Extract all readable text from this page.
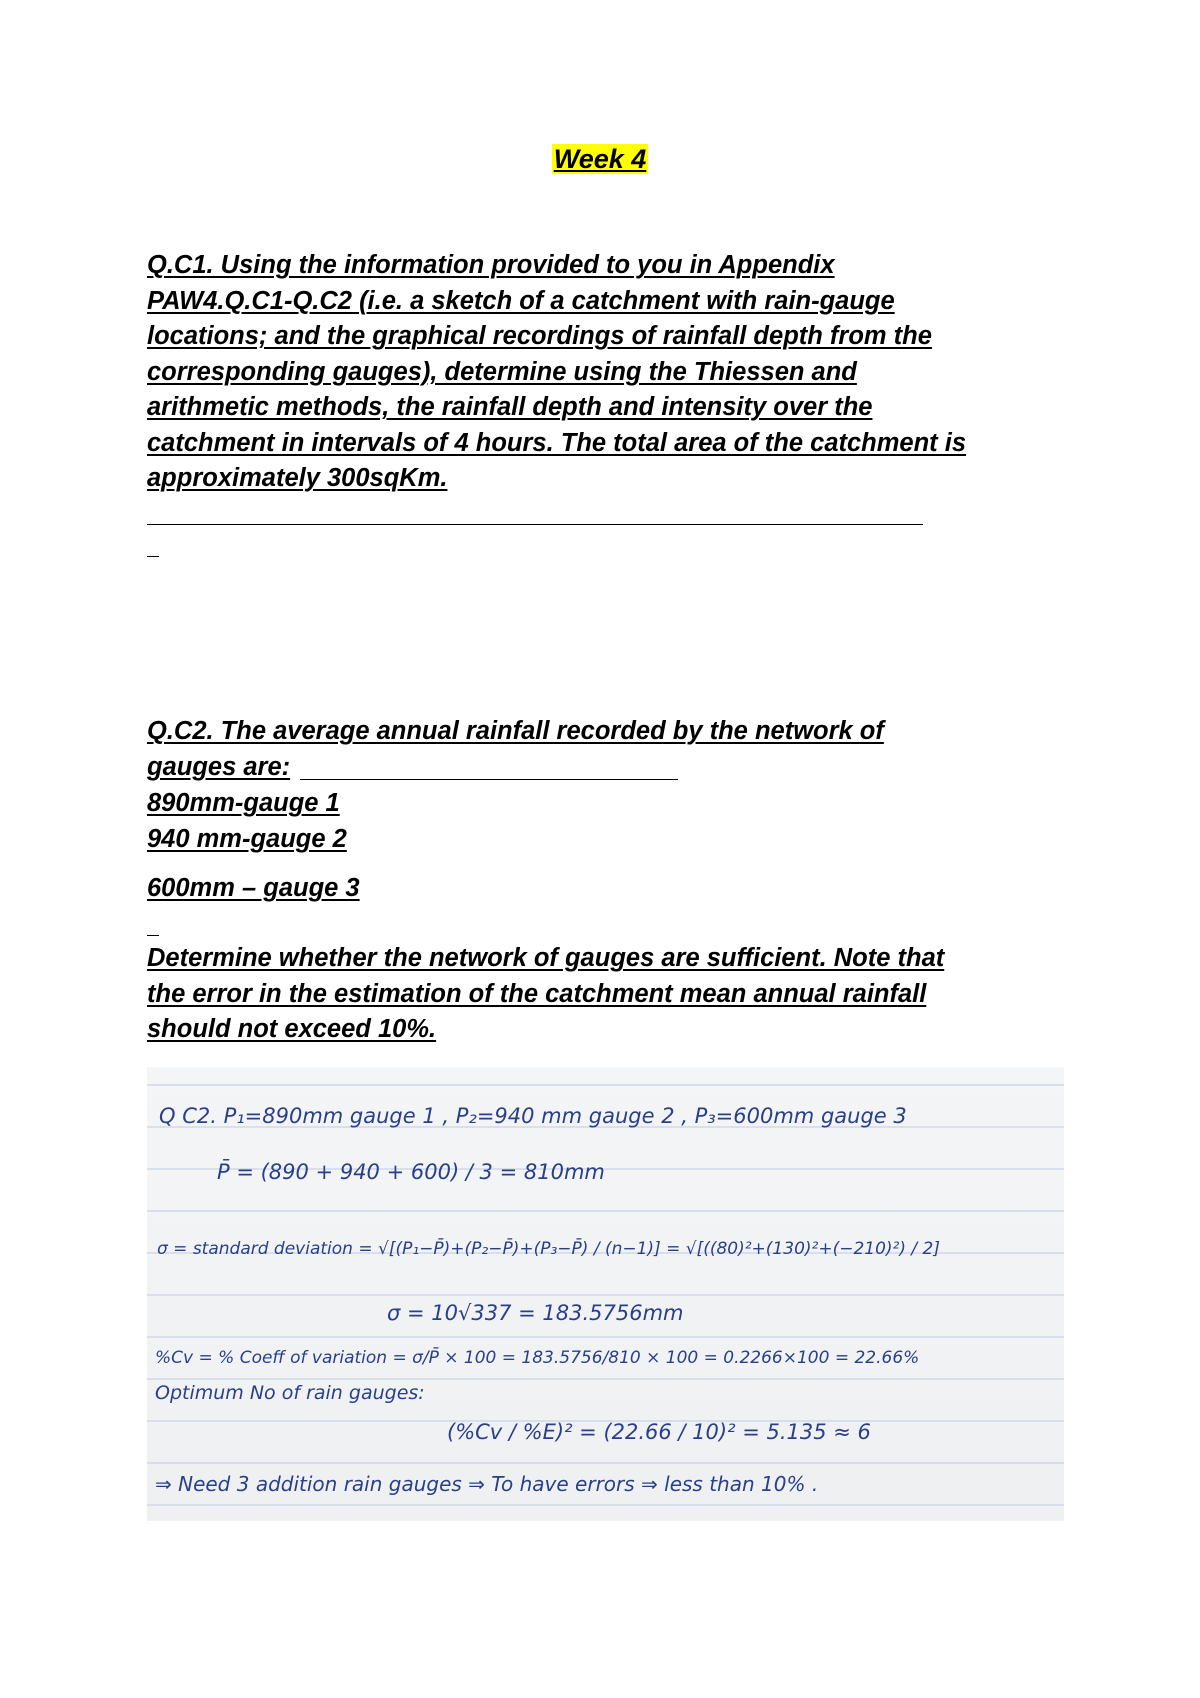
Week 4
Q.C1. Using the information provided to you in Appendix
PAW4.Q.C1-Q.C2 (i.e. a sketch of a catchment with rain-gauge
locations; and the graphical recordings of rainfall depth from the
corresponding gauges), determine using the Thiessen and
arithmetic methods, the rainfall depth and intensity over the
catchment in intervals of 4 hours. The total area of the catchment is
approximately 300sqKm.
Q.C2. The average annual rainfall recorded by the network of
gauges are:
890mm-gauge 1
940 mm-gauge 2
600mm – gauge 3
Determine whether the network of gauges are sufficient. Note that
the error in the estimation of the catchment mean annual rainfall
should not exceed 10%.
Q C2. P₁=890mm gauge 1 , P₂=940 mm gauge 2 , P₃=600mm gauge 3
P̄ = (890 + 940 + 600) / 3 = 810mm
σ = standard deviation = √[(P₁−P̄)+(P₂−P̄)+(P₃−P̄) / (n−1)] = √[((80)²+(130)²+(−210)²) / 2]
σ = 10√337 = 183.5756mm
%Cv = % Coeff of variation = σ/P̄ × 100 = 183.5756/810 × 100 = 0.2266×100 = 22.66%
Optimum No of rain gauges:
(%Cv / %E)² = (22.66 / 10)² = 5.135 ≈ 6
⇒ Need 3 addition rain gauges ⇒ To have errors ⇒ less than 10% .
